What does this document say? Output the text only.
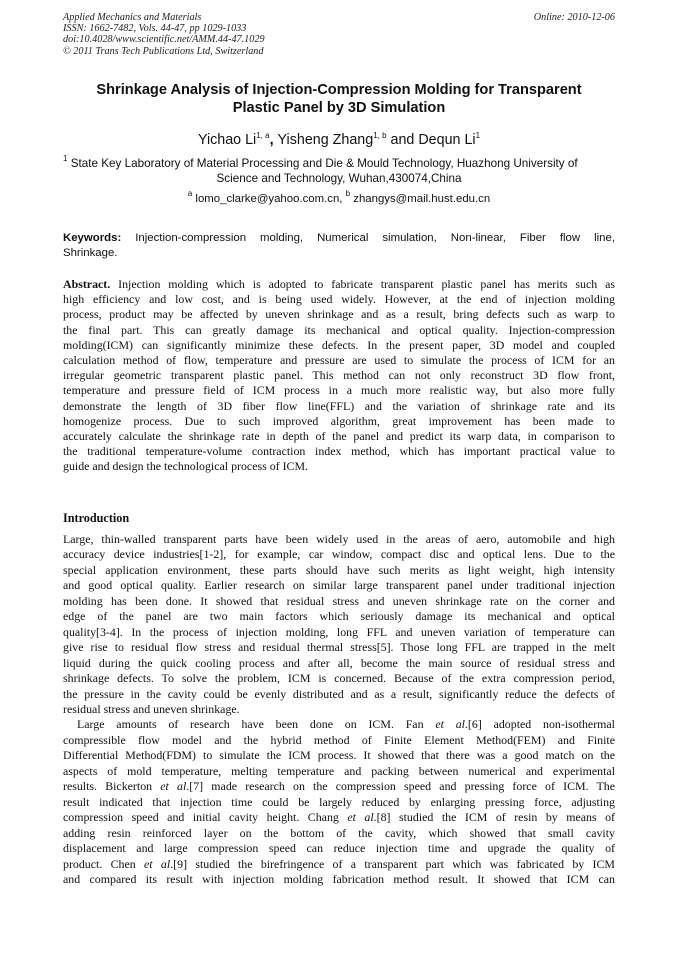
Applied Mechanics and Materials
ISSN: 1662-7482, Vols. 44-47, pp 1029-1033
doi:10.4028/www.scientific.net/AMM.44-47.1029
© 2011 Trans Tech Publications Ltd, Switzerland
Online: 2010-12-06
Shrinkage Analysis of Injection-Compression Molding for Transparent
Plastic Panel by 3D Simulation
Yichao Li$^{1, a}$, Yisheng Zhang$^{1, b}$ and Dequn Li$^1$
$^1$ State Key Laboratory of Material Processing and Die & Mould Technology, Huazhong University of
Science and Technology, Wuhan,430074,China
$^a$ lomo_clarke@yahoo.com.cn, $^b$ zhangys@mail.hust.edu.cn
Keywords: Injection-compression molding, Numerical simulation, Non-linear, Fiber flow line,
Shrinkage.
Abstract. Injection molding which is adopted to fabricate transparent plastic panel has merits such as
high efficiency and low cost, and is being used widely. However, at the end of injection molding
process, product may be affected by uneven shrinkage and as a result, bring defects such as warp to
the final part. This can greatly damage its mechanical and optical quality. Injection-compression
molding(ICM) can significantly minimize these defects. In the present paper, 3D model and coupled
calculation method of flow, temperature and pressure are used to simulate the process of ICM for an
irregular geometric transparent plastic panel. This method can not only reconstruct 3D flow front,
temperature and pressure field of ICM process in a much more realistic way, but also more fully
demonstrate the length of 3D fiber flow line(FFL) and the variation of shrinkage rate and its
homogenize process. Due to such improved algorithm, great improvement has been made to
accurately calculate the shrinkage rate in depth of the panel and predict its warp data, in comparison to
the traditional temperature-volume contraction index method, which has important practical value to
guide and design the technological process of ICM.
Introduction
Large, thin-walled transparent parts have been widely used in the areas of aero, automobile and high
accuracy device industries[1-2], for example, car window, compact disc and optical lens. Due to the
special application environment, these parts should have such merits as light weight, high intensity
and good optical quality. Earlier research on similar large transparent panel under traditional injection
molding has been done. It showed that residual stress and uneven shrinkage rate on the corner and
edge of the panel are two main factors which seriously damage its mechanical and optical
quality[3-4]. In the process of injection molding, long FFL and uneven variation of temperature can
give rise to residual flow stress and residual thermal stress[5]. Those long FFL are trapped in the melt
liquid during the quick cooling process and after all, become the main source of residual stress and
shrinkage defects. To solve the problem, ICM is concerned. Because of the extra compression period,
the pressure in the cavity could be evenly distributed and as a result, significantly reduce the defects of
residual stress and uneven shrinkage.
Large amounts of research have been done on ICM. Fan et al.[6] adopted non-isothermal
compressible flow model and the hybrid method of Finite Element Method(FEM) and Finite
Differential Method(FDM) to simulate the ICM process. It showed that there was a good match on the
aspects of mold temperature, melting temperature and packing between numerical and experimental
results. Bickerton et al.[7] made research on the compression speed and pressing force of ICM. The
result indicated that injection time could be largely reduced by enlarging pressing force, adjusting
compression speed and initial cavity height. Chang et al.[8] studied the ICM of resin by means of
adding resin reinforced layer on the bottom of the cavity, which showed that small cavity
displacement and large compression speed can reduce injection time and upgrade the quality of
product. Chen et al.[9] studied the birefringence of a transparent part which was fabricated by ICM
and compared its result with injection molding fabrication method result. It showed that ICM can
